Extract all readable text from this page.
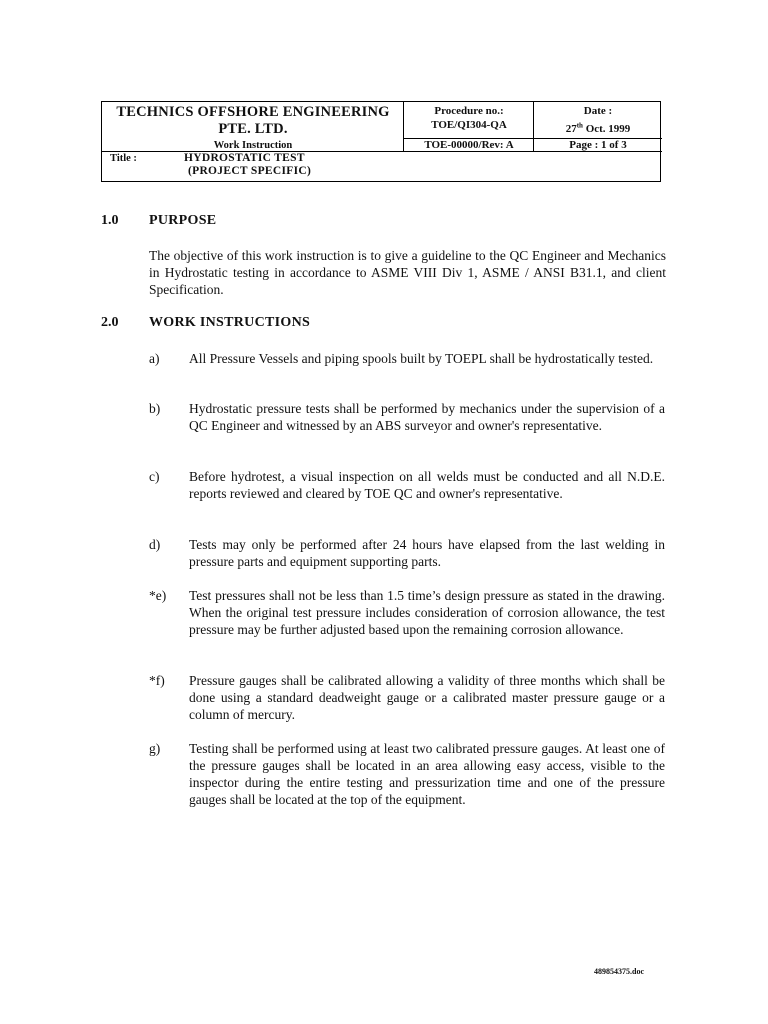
TECHNICS OFFSHORE ENGINEERING
PTE. LTD.
Work Instruction
Procedure no.:
TOE/QI304-QA
Date :
27th Oct. 1999
TOE-00000/Rev: A	Page : 1 of 3
Title :	HYDROSTATIC TEST
(PROJECT SPECIFIC)
1.0 PURPOSE
The objective of this work instruction is to give a guideline to the QC Engineer and Mechanics in Hydrostatic testing in accordance to ASME VIII Div 1, ASME / ANSI B31.1, and client Specification.
2.0 WORK INSTRUCTIONS
a) All Pressure Vessels and piping spools built by TOEPL shall be hydrostatically tested.
b) Hydrostatic pressure tests shall be performed by mechanics under the supervision of a QC Engineer and witnessed by an ABS surveyor and owner's representative.
c) Before hydrotest, a visual inspection on all welds must be conducted and all N.D.E. reports reviewed and cleared by TOE QC and owner's representative.
d) Tests may only be performed after 24 hours have elapsed from the last welding in pressure parts and equipment supporting parts.
*e) Test pressures shall not be less than 1.5 time’s design pressure as stated in the drawing. When the original test pressure includes consideration of corrosion allowance, the test pressure may be further adjusted based upon the remaining corrosion allowance.
*f) Pressure gauges shall be calibrated allowing a validity of three months which shall be done using a standard deadweight gauge or a calibrated master pressure gauge or a column of mercury.
g) Testing shall be performed using at least two calibrated pressure gauges. At least one of the pressure gauges shall be located in an area allowing easy access, visible to the inspector during the entire testing and pressurization time and one of the pressure gauges shall be located at the top of the equipment.
489854375.doc
